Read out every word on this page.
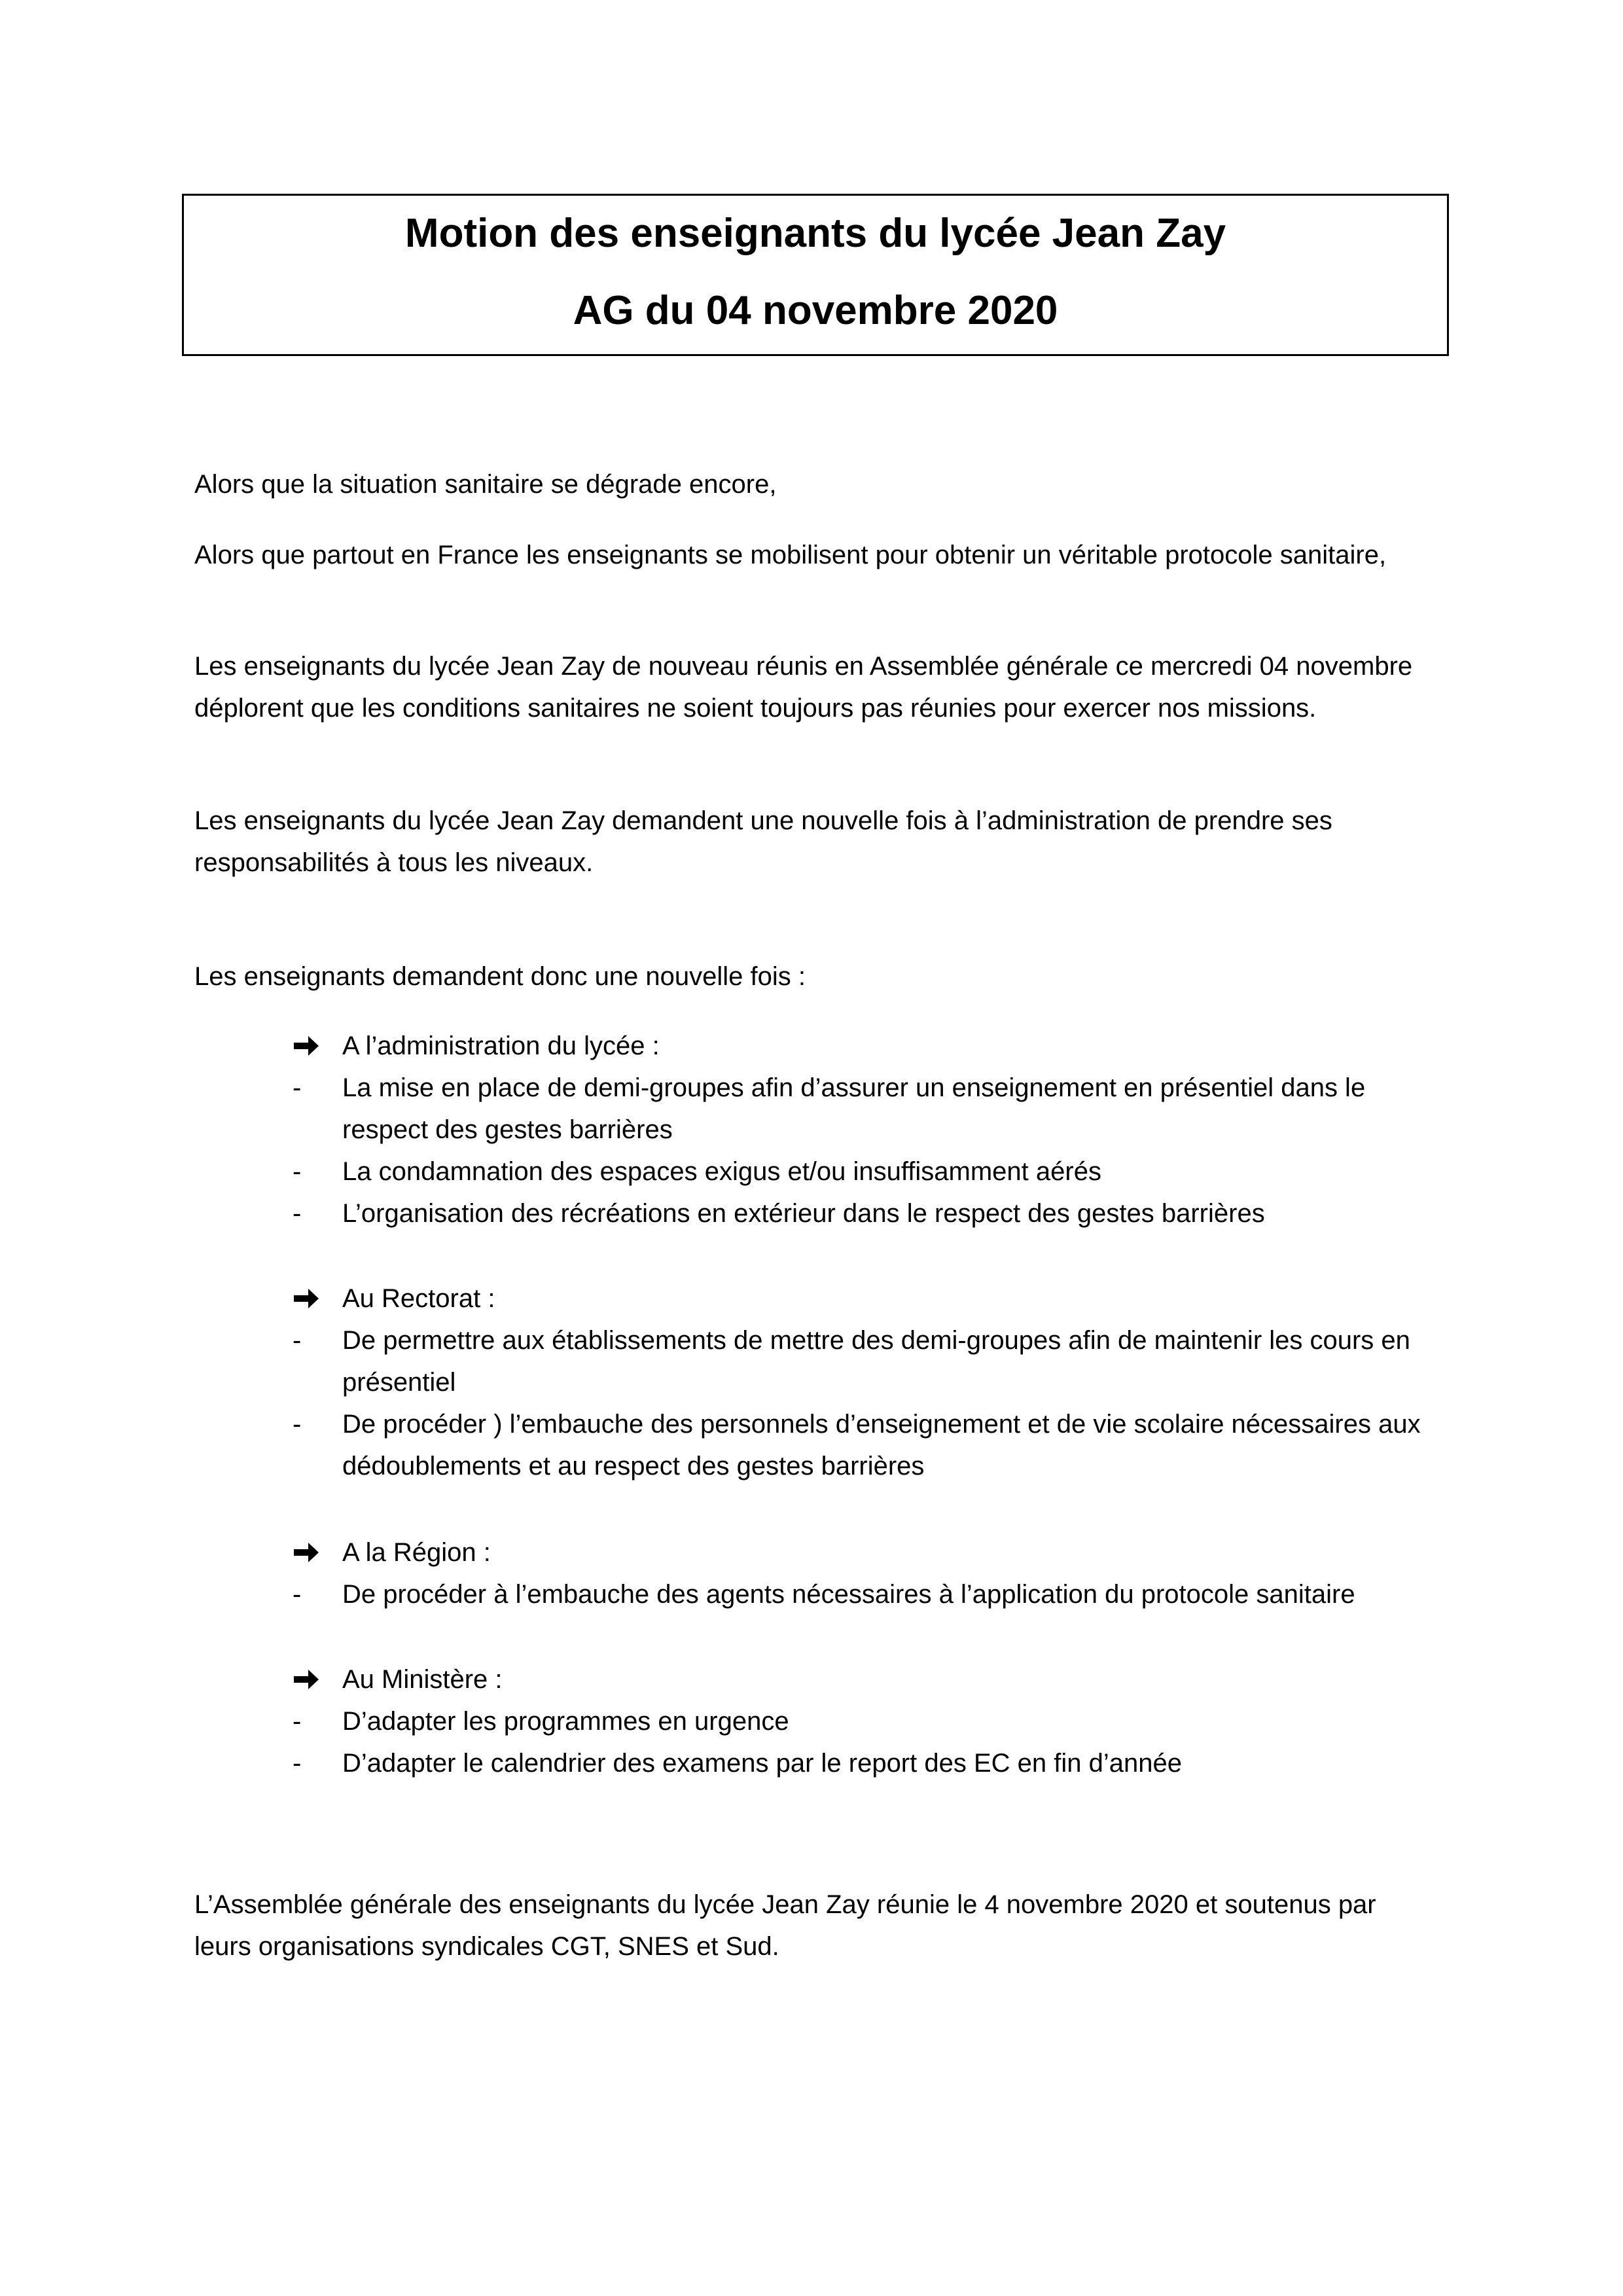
Motion des enseignants du lycée Jean Zay
AG du 04 novembre 2020
Alors que la situation sanitaire se dégrade encore,
Alors que partout en France les enseignants se mobilisent pour obtenir un véritable protocole sanitaire,
Les enseignants du lycée Jean Zay de nouveau réunis en Assemblée générale ce mercredi 04 novembre déplorent que les conditions sanitaires ne soient toujours pas réunies pour exercer nos missions.
Les enseignants du lycée Jean Zay demandent une nouvelle fois à l’administration de prendre ses responsabilités à tous les niveaux.
Les enseignants demandent donc une nouvelle fois :
A l’administration du lycée :
- La mise en place de demi-groupes afin d’assurer un enseignement en présentiel dans le respect des gestes barrières
- La condamnation des espaces exigus et/ou insuffisamment aérés
- L’organisation des récréations en extérieur dans le respect des gestes barrières
Au Rectorat :
- De permettre aux établissements de mettre des demi-groupes afin de maintenir les cours en présentiel
- De procéder ) l’embauche des personnels d’enseignement et de vie scolaire nécessaires aux dédoublements et au respect des gestes barrières
A la Région :
- De procéder à l’embauche des agents nécessaires à l’application du protocole sanitaire
Au Ministère :
- D’adapter les programmes en urgence
- D’adapter le calendrier des examens par le report des EC en fin d’année
L’Assemblée générale des enseignants du lycée Jean Zay réunie le 4 novembre 2020 et soutenus par leurs organisations syndicales CGT, SNES et Sud.
